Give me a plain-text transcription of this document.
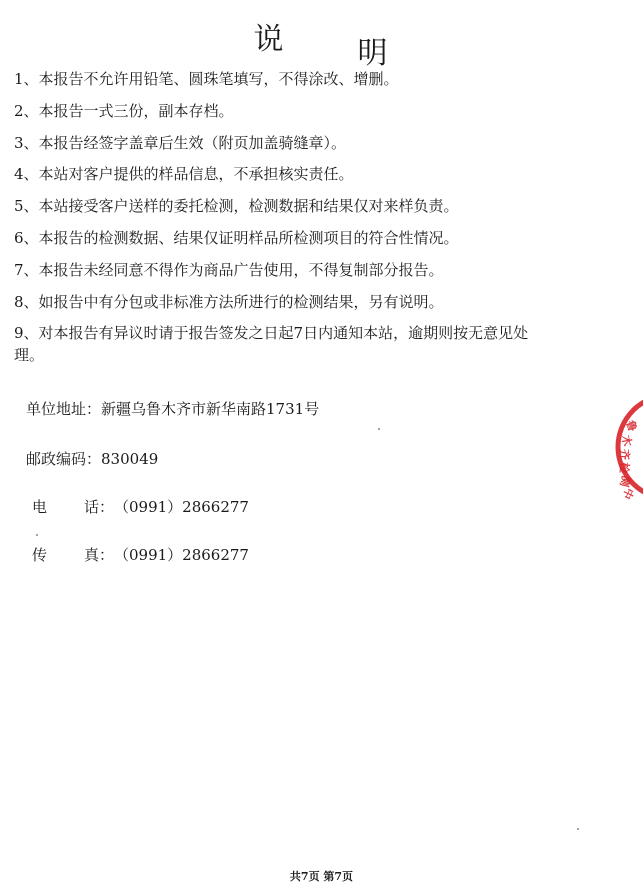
说 明
1、本报告不允许用铅笔、圆珠笔填写，不得涂改、增删。
2、本报告一式三份，副本存档。
3、本报告经签字盖章后生效（附页加盖骑缝章）。
4、本站对客户提供的样品信息，不承担核实责任。
5、本站接受客户送样的委托检测，检测数据和结果仅对来样负责。
6、本报告的检测数据、结果仅证明样品所检测项目的符合性情况。
7、本报告未经同意不得作为商品广告使用，不得复制部分报告。
8、如报告中有分包或非标准方法所进行的检测结果，另有说明。
9、对本报告有异议时请于报告签发之日起7日内通知本站，逾期则按无意见处理。
单位地址：新疆乌鲁木齐市新华南路1731号
邮政编码：830049
电 话： （0991）2866277
传 真： （0991）2866277
鲁
木
齐
检
测
中
共7页 第7页
